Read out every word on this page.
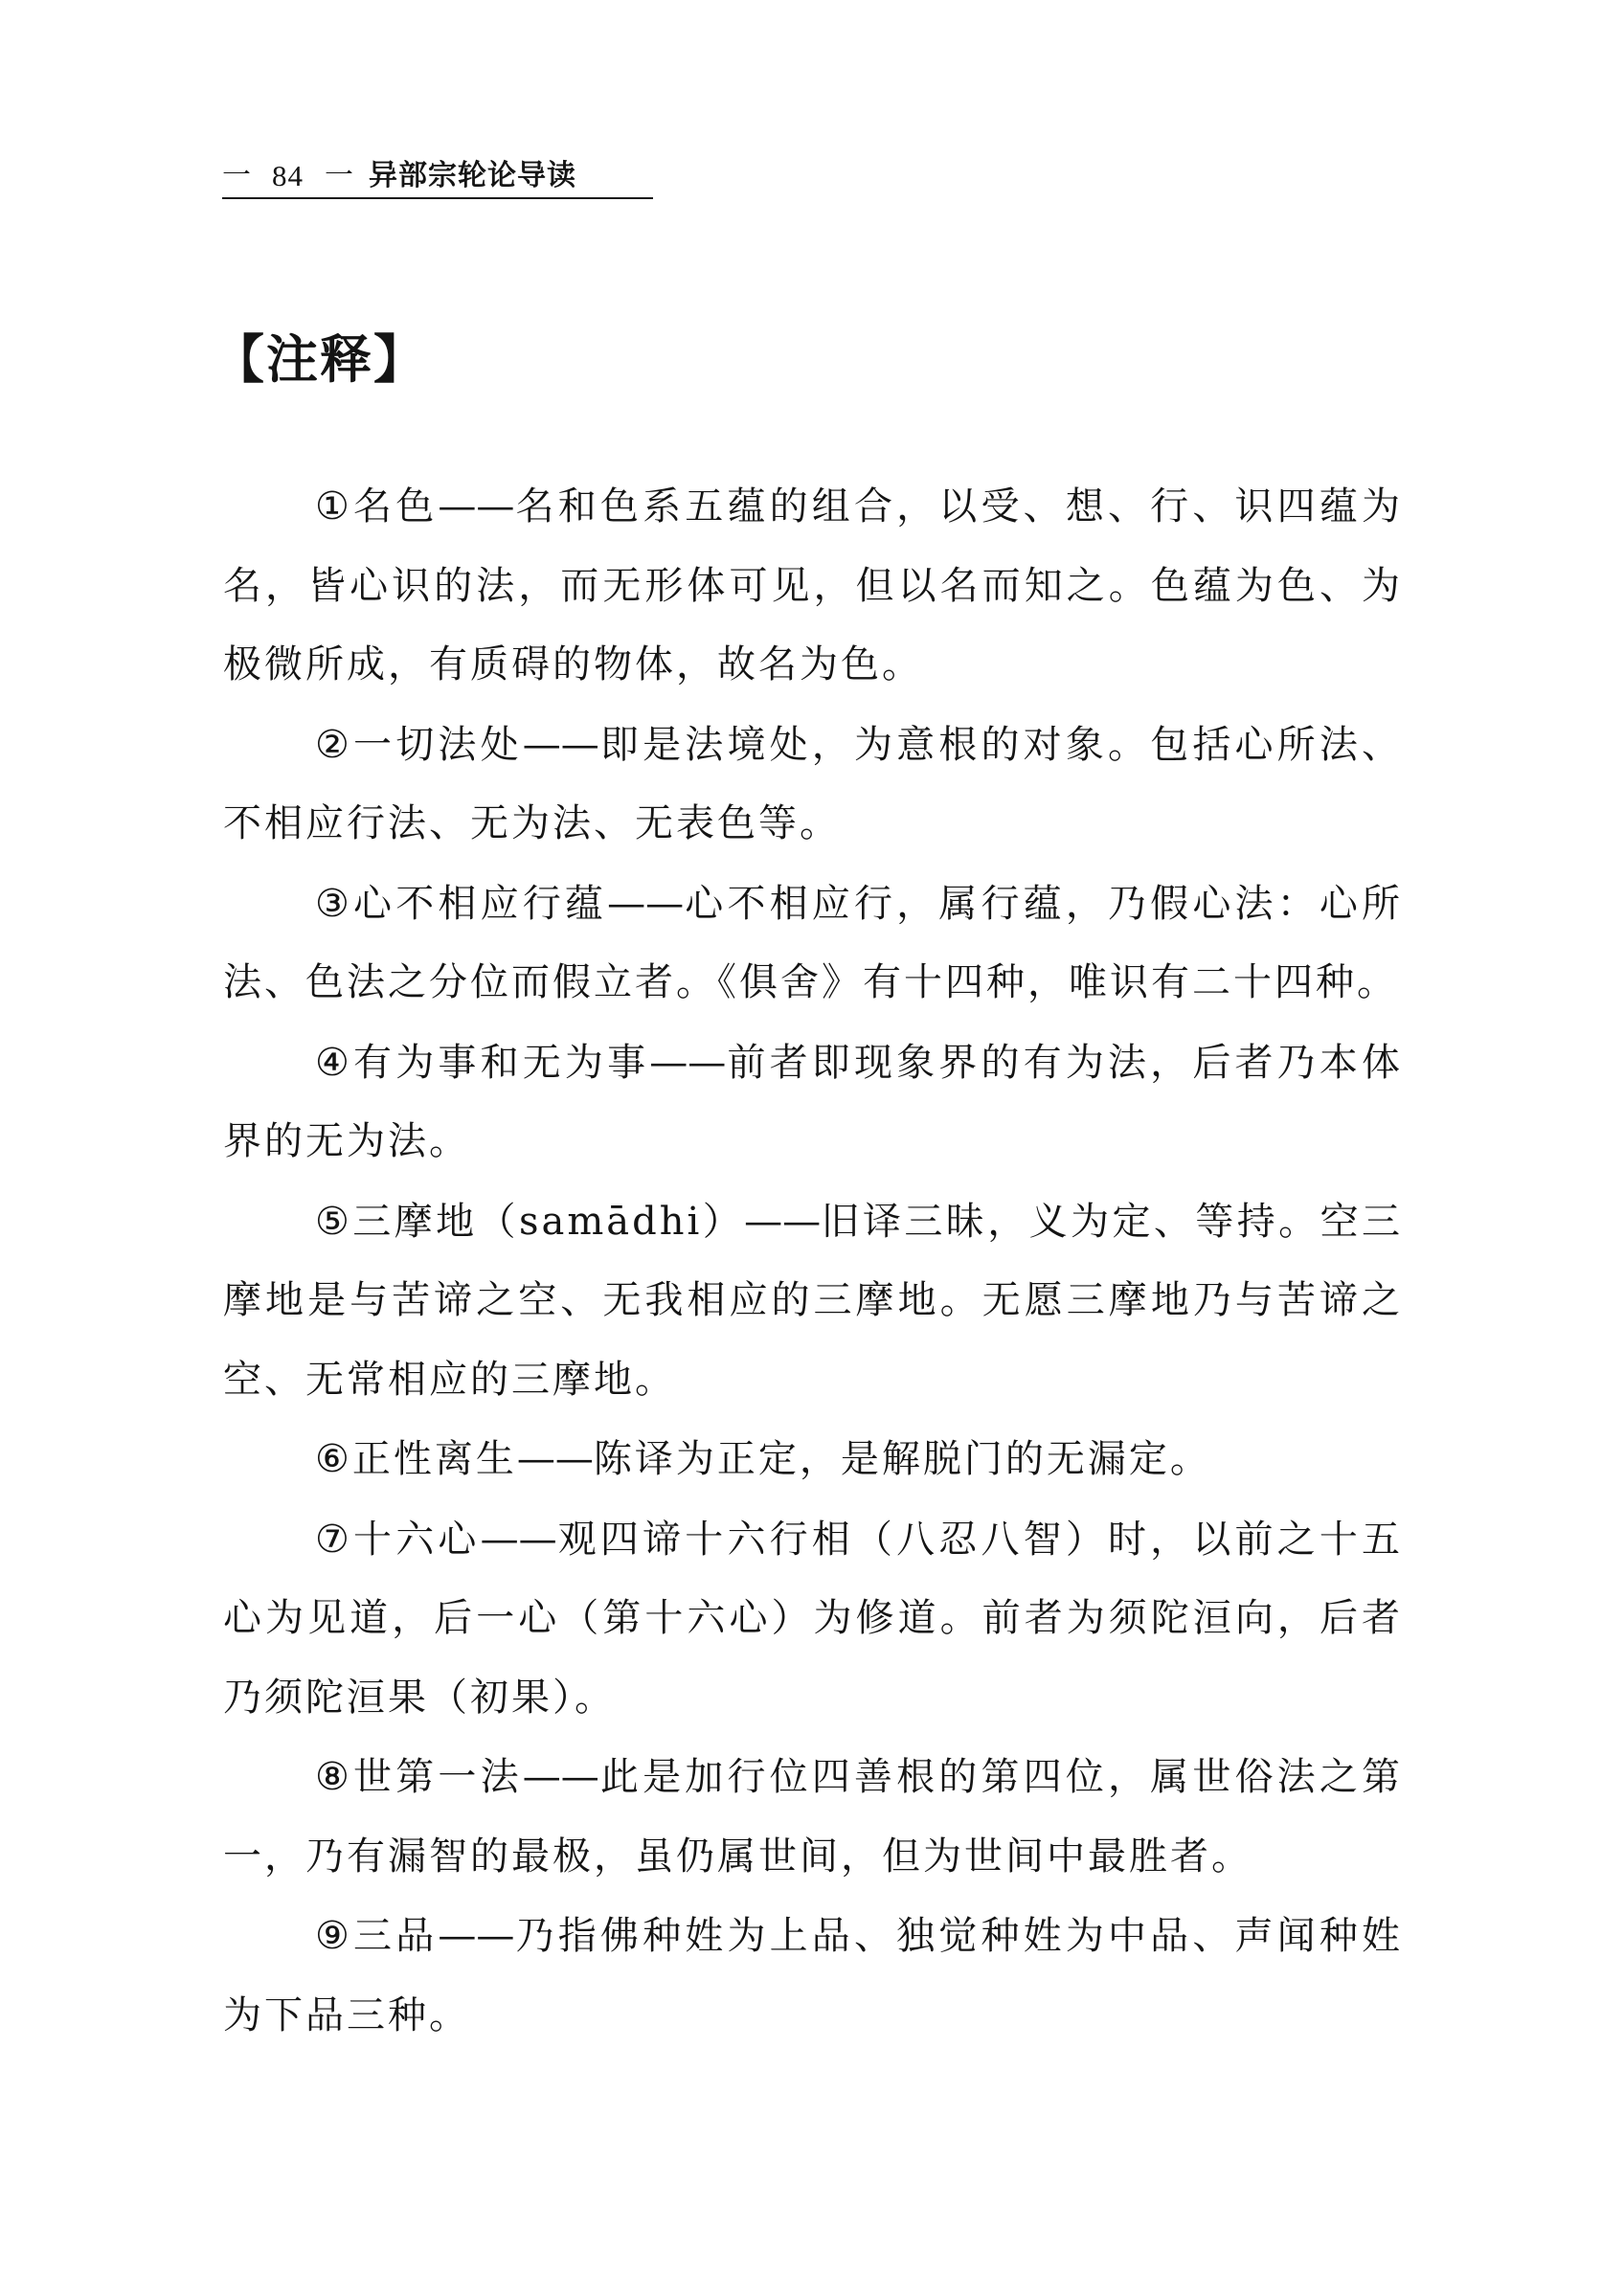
一 84 一 异部宗轮论导读
【注释】

①名色——名和色系五蕴的组合，以受、想、行、识四蕴为名，皆心识的法，而无形体可见，但以名而知之。色蕴为色、为极微所成，有质碍的物体，故名为色。

②一切法处——即是法境处，为意根的对象。包括心所法、不相应行法、无为法、无表色等。

③心不相应行蕴——心不相应行，属行蕴，乃假心法：心所法、色法之分位而假立者。《俱舍》有十四种，唯识有二十四种。

④有为事和无为事——前者即现象界的有为法，后者乃本体界的无为法。

⑤三摩地（samādhi）——旧译三昧，义为定、等持。空三摩地是与苦谛之空、无我相应的三摩地。无愿三摩地乃与苦谛之空、无常相应的三摩地。

⑥正性离生——陈译为正定，是解脱门的无漏定。

⑦十六心——观四谛十六行相（八忍八智）时，以前之十五心为见道，后一心（第十六心）为修道。前者为须陀洹向，后者乃须陀洹果（初果）。

⑧世第一法——此是加行位四善根的第四位，属世俗法之第一，乃有漏智的最极，虽仍属世间，但为世间中最胜者。

⑨三品——乃指佛种姓为上品、独觉种姓为中品、声闻种姓为下品三种。
